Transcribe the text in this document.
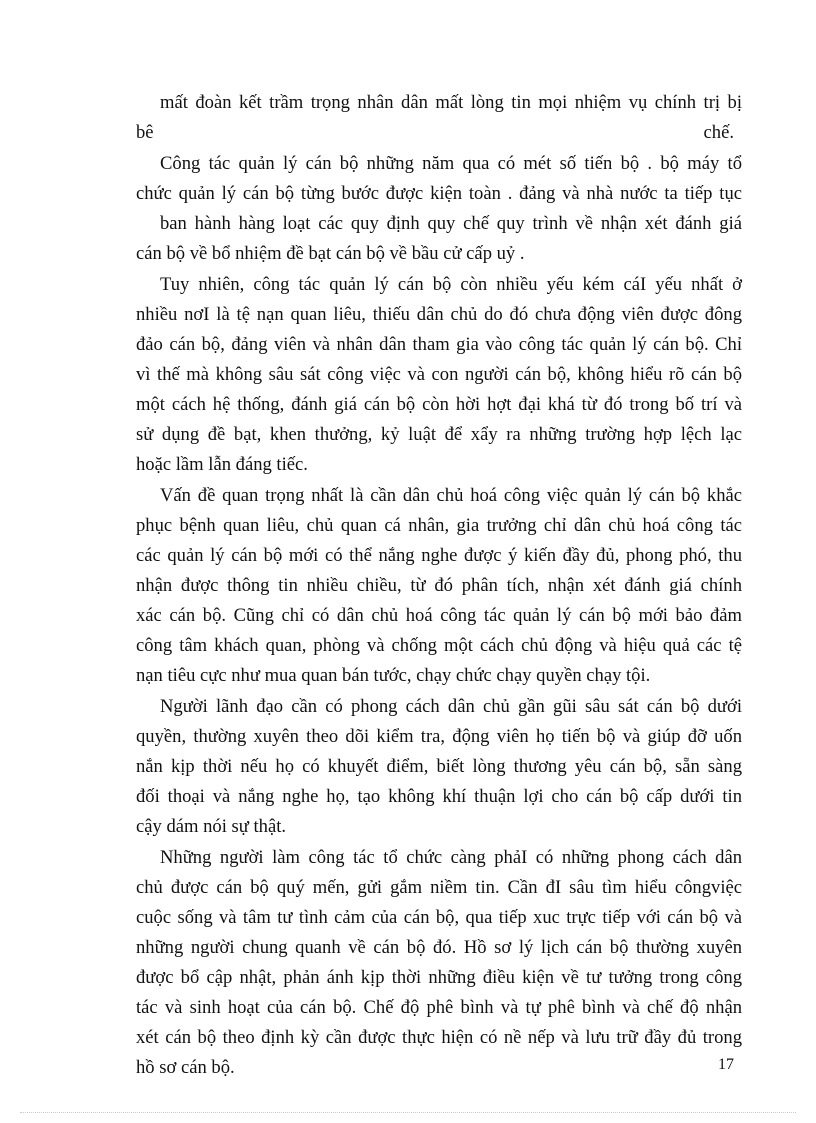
mất đoàn kết trầm trọng nhân dân mất lòng tin mọi nhiệm vụ chính trị bị
bê	chế.
Công tác quản lý cán bộ những năm qua có mét số tiến bộ . bộ máy tổ
chức quản lý cán bộ từng bước được kiện toàn . đảng và nhà nước ta tiếp tục
ban hành hàng loạt các quy định quy chế quy trình về nhận xét đánh giá
cán bộ về bổ nhiệm đề bạt cán bộ về bầu cử cấp uỷ .
Tuy nhiên, công tác quản lý cán bộ còn nhiều yếu kém cáI yếu nhất ở
nhiều nơI là tệ nạn quan liêu, thiếu dân chủ do đó chưa động viên được đông
đảo cán bộ, đảng viên và nhân dân tham gia vào công tác quản lý cán bộ. Chỉ
vì thế mà không sâu sát công việc và con người cán bộ, không hiểu rõ cán bộ
một cách hệ thống, đánh giá cán bộ còn hời hợt đại khá từ đó trong bố trí và
sử dụng đề bạt, khen thưởng, kỷ luật để xẩy ra những trường hợp lệch lạc
hoặc lầm lẫn đáng tiếc.
Vấn đề quan trọng nhất là cần dân chủ hoá công việc quản lý cán bộ khắc
phục bệnh quan liêu, chủ quan cá nhân, gia trưởng chỉ dân chủ hoá công tác
các quản lý cán bộ mới có thể nắng nghe được ý kiến đầy đủ, phong phó, thu
nhận được thông tin nhiều chiều, từ đó phân tích, nhận xét đánh giá chính
xác cán bộ. Cũng chỉ có dân chủ hoá công tác quản lý cán bộ mới bảo đảm
công tâm khách quan, phòng và chống một cách chủ động và hiệu quả các tệ
nạn tiêu cực như mua quan bán tước, chạy chức chạy quyền chạy tội.
Người lãnh đạo cần có phong cách dân chủ gần gũi sâu sát cán bộ dưới
quyền, thường xuyên theo dõi kiểm tra, động viên họ tiến bộ và giúp đỡ uốn
nắn kịp thời nếu họ có khuyết điểm, biết lòng thương yêu cán bộ, sẵn sàng
đối thoại và nắng nghe họ, tạo không khí thuận lợi cho cán bộ cấp dưới tin
cậy dám nói sự thật.
Những người làm công tác tổ chức càng phảI có những phong cách dân
chủ được cán bộ quý mến, gửi gắm niềm tin. Cần đI sâu tìm hiểu côngviệc
cuộc sống và tâm tư tình cảm của cán bộ, qua tiếp xuc trực tiếp với cán bộ và
những người chung quanh về cán bộ đó. Hồ sơ lý lịch cán bộ thường xuyên
được bổ cập nhật, phản ánh kịp thời những điều kiện về tư tưởng trong công
tác và sinh hoạt của cán bộ. Chế độ phê bình và tự phê bình và chế độ nhận
xét cán bộ theo định kỳ cần được thực hiện có nề nếp và lưu trữ đầy đủ trong
hồ sơ cán bộ.	17
